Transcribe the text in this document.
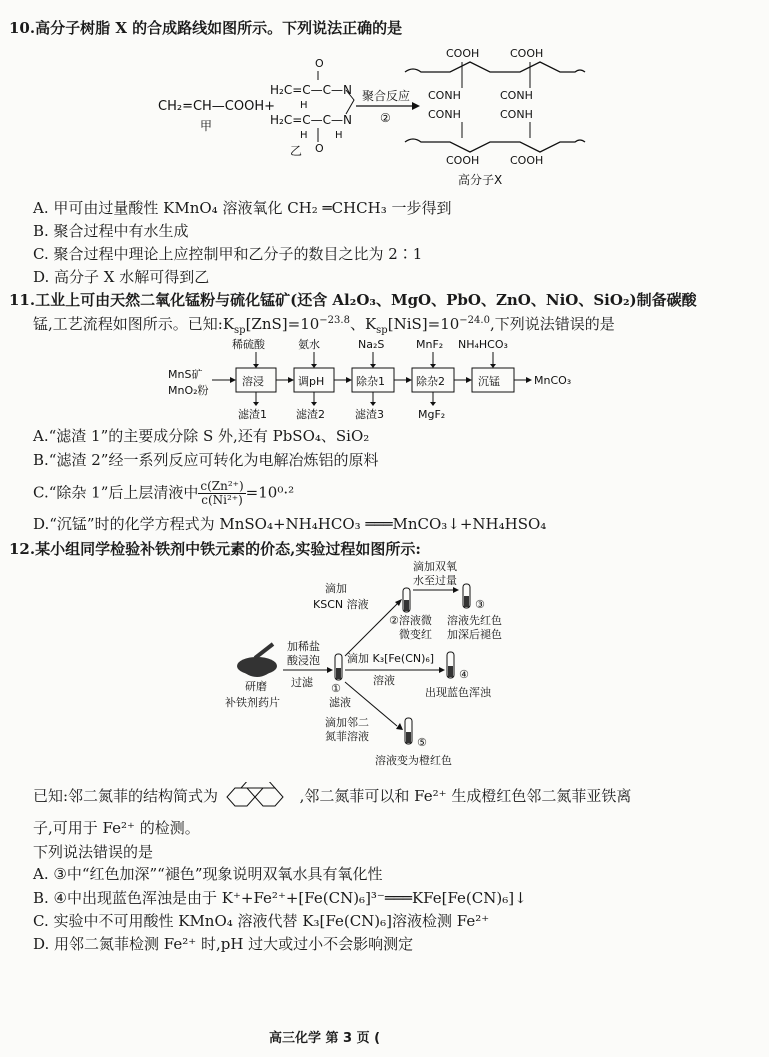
10.高分子树脂 X 的合成路线如图所示。下列说法正确的是
CH₂=CH—COOH+
甲
O
H₂C=C—C—N
H
H₂C=C—C—N
H	H
O
乙
聚合反应
②
COOH	COOH
CONH	CONH
CONH	CONH
COOH	COOH
高分子X
A. 甲可由过量酸性 KMnO₄ 溶液氧化 CH₂ ═CHCH₃ 一步得到
B. 聚合过程中有水生成
C. 聚合过程中理论上应控制甲和乙分子的数目之比为 2∶1
D. 高分子 X 水解可得到乙
11.工业上可由天然二氧化锰粉与硫化锰矿(还含 Al₂O₃、MgO、PbO、ZnO、NiO、SiO₂)制备碳酸
锰,工艺流程如图所示。已知$:K_{sp}[ZnS]=10^{-23.8}$、$K_{sp}[NiS]=10^{-24.0}$,下列说法错误的是
MnS矿
MnO₂粉
溶浸	调pH	除杂1	除杂2	沉锰	MnCO₃
稀硫酸	氨水	Na₂S	MnF₂ NH₄HCO₃
滤渣1	滤渣2	滤渣3	MgF₂
A.“滤渣 1”的主要成分除 S 外,还有 PbSO₄、SiO₂
B.“滤渣 2”经一系列反应可转化为电解冶炼铝的原料
C.“除杂 1”后上层清液中 $\frac{\text{c(Zn²⁺)}}{\text{c(Ni²⁺)}} =10^0\cdot^2$
D.“沉锰”时的化学方程式为 MnSO₄+NH₄HCO₃ ═══MnCO₃↓+NH₄HSO₄
12.某小组同学检验补铁剂中铁元素的价态,实验过程如图所示:
研磨
补铁剂药片
加稀盐
酸浸泡
过滤 ①
滤液
滴加
KSCN 溶液
②溶液微
微变红
滴加双氧
水至过量
③
溶液先红色
加深后褪色
滴加 K₃[Fe(CN)₆]
溶液	④
出现蓝色浑浊
滴加邻二
氮菲溶液	⑤
溶液变为橙红色
已知:邻二氮菲的结构简式为	,邻二氮菲可以和 Fe²⁺ 生成橙红色邻二氮菲亚铁离
子,可用于 Fe²⁺ 的检测。
下列说法错误的是
A. ③中“红色加深”“褪色”现象说明双氧水具有氧化性
B. ④中出现蓝色浑浊是由于 K⁺+Fe²⁺+[Fe(CN)₆]³⁻═══KFe[Fe(CN)₆]↓
C. 实验中不可用酸性 KMnO₄ 溶液代替 K₃[Fe(CN)₆]溶液检测 Fe²⁺
D. 用邻二氮菲检测 Fe²⁺ 时,pH 过大或过小不会影响测定
高三化学 第 3 页 (
